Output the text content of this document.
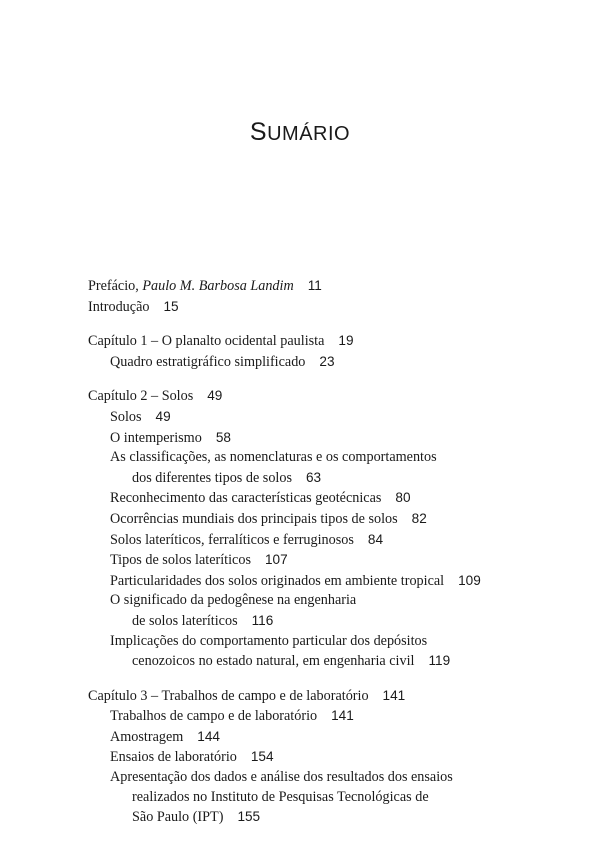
SUMÁRIO
Prefácio, Paulo M. Barbosa Landim 11
Introdução 15
Capítulo 1 – O planalto ocidental paulista 19
Quadro estratigráfico simplificado 23
Capítulo 2 – Solos 49
Solos 49
O intemperismo 58
As classificações, as nomenclaturas e os comportamentos
dos diferentes tipos de solos 63
Reconhecimento das características geotécnicas 80
Ocorrências mundiais dos principais tipos de solos 82
Solos lateríticos, ferralíticos e ferruginosos 84
Tipos de solos lateríticos 107
Particularidades dos solos originados em ambiente tropical 109
O significado da pedogênese na engenharia
de solos lateríticos 116
Implicações do comportamento particular dos depósitos
cenozoicos no estado natural, em engenharia civil 119
Capítulo 3 – Trabalhos de campo e de laboratório 141
Trabalhos de campo e de laboratório 141
Amostragem 144
Ensaios de laboratório 154
Apresentação dos dados e análise dos resultados dos ensaios
realizados no Instituto de Pesquisas Tecnológicas de
São Paulo (IPT) 155
